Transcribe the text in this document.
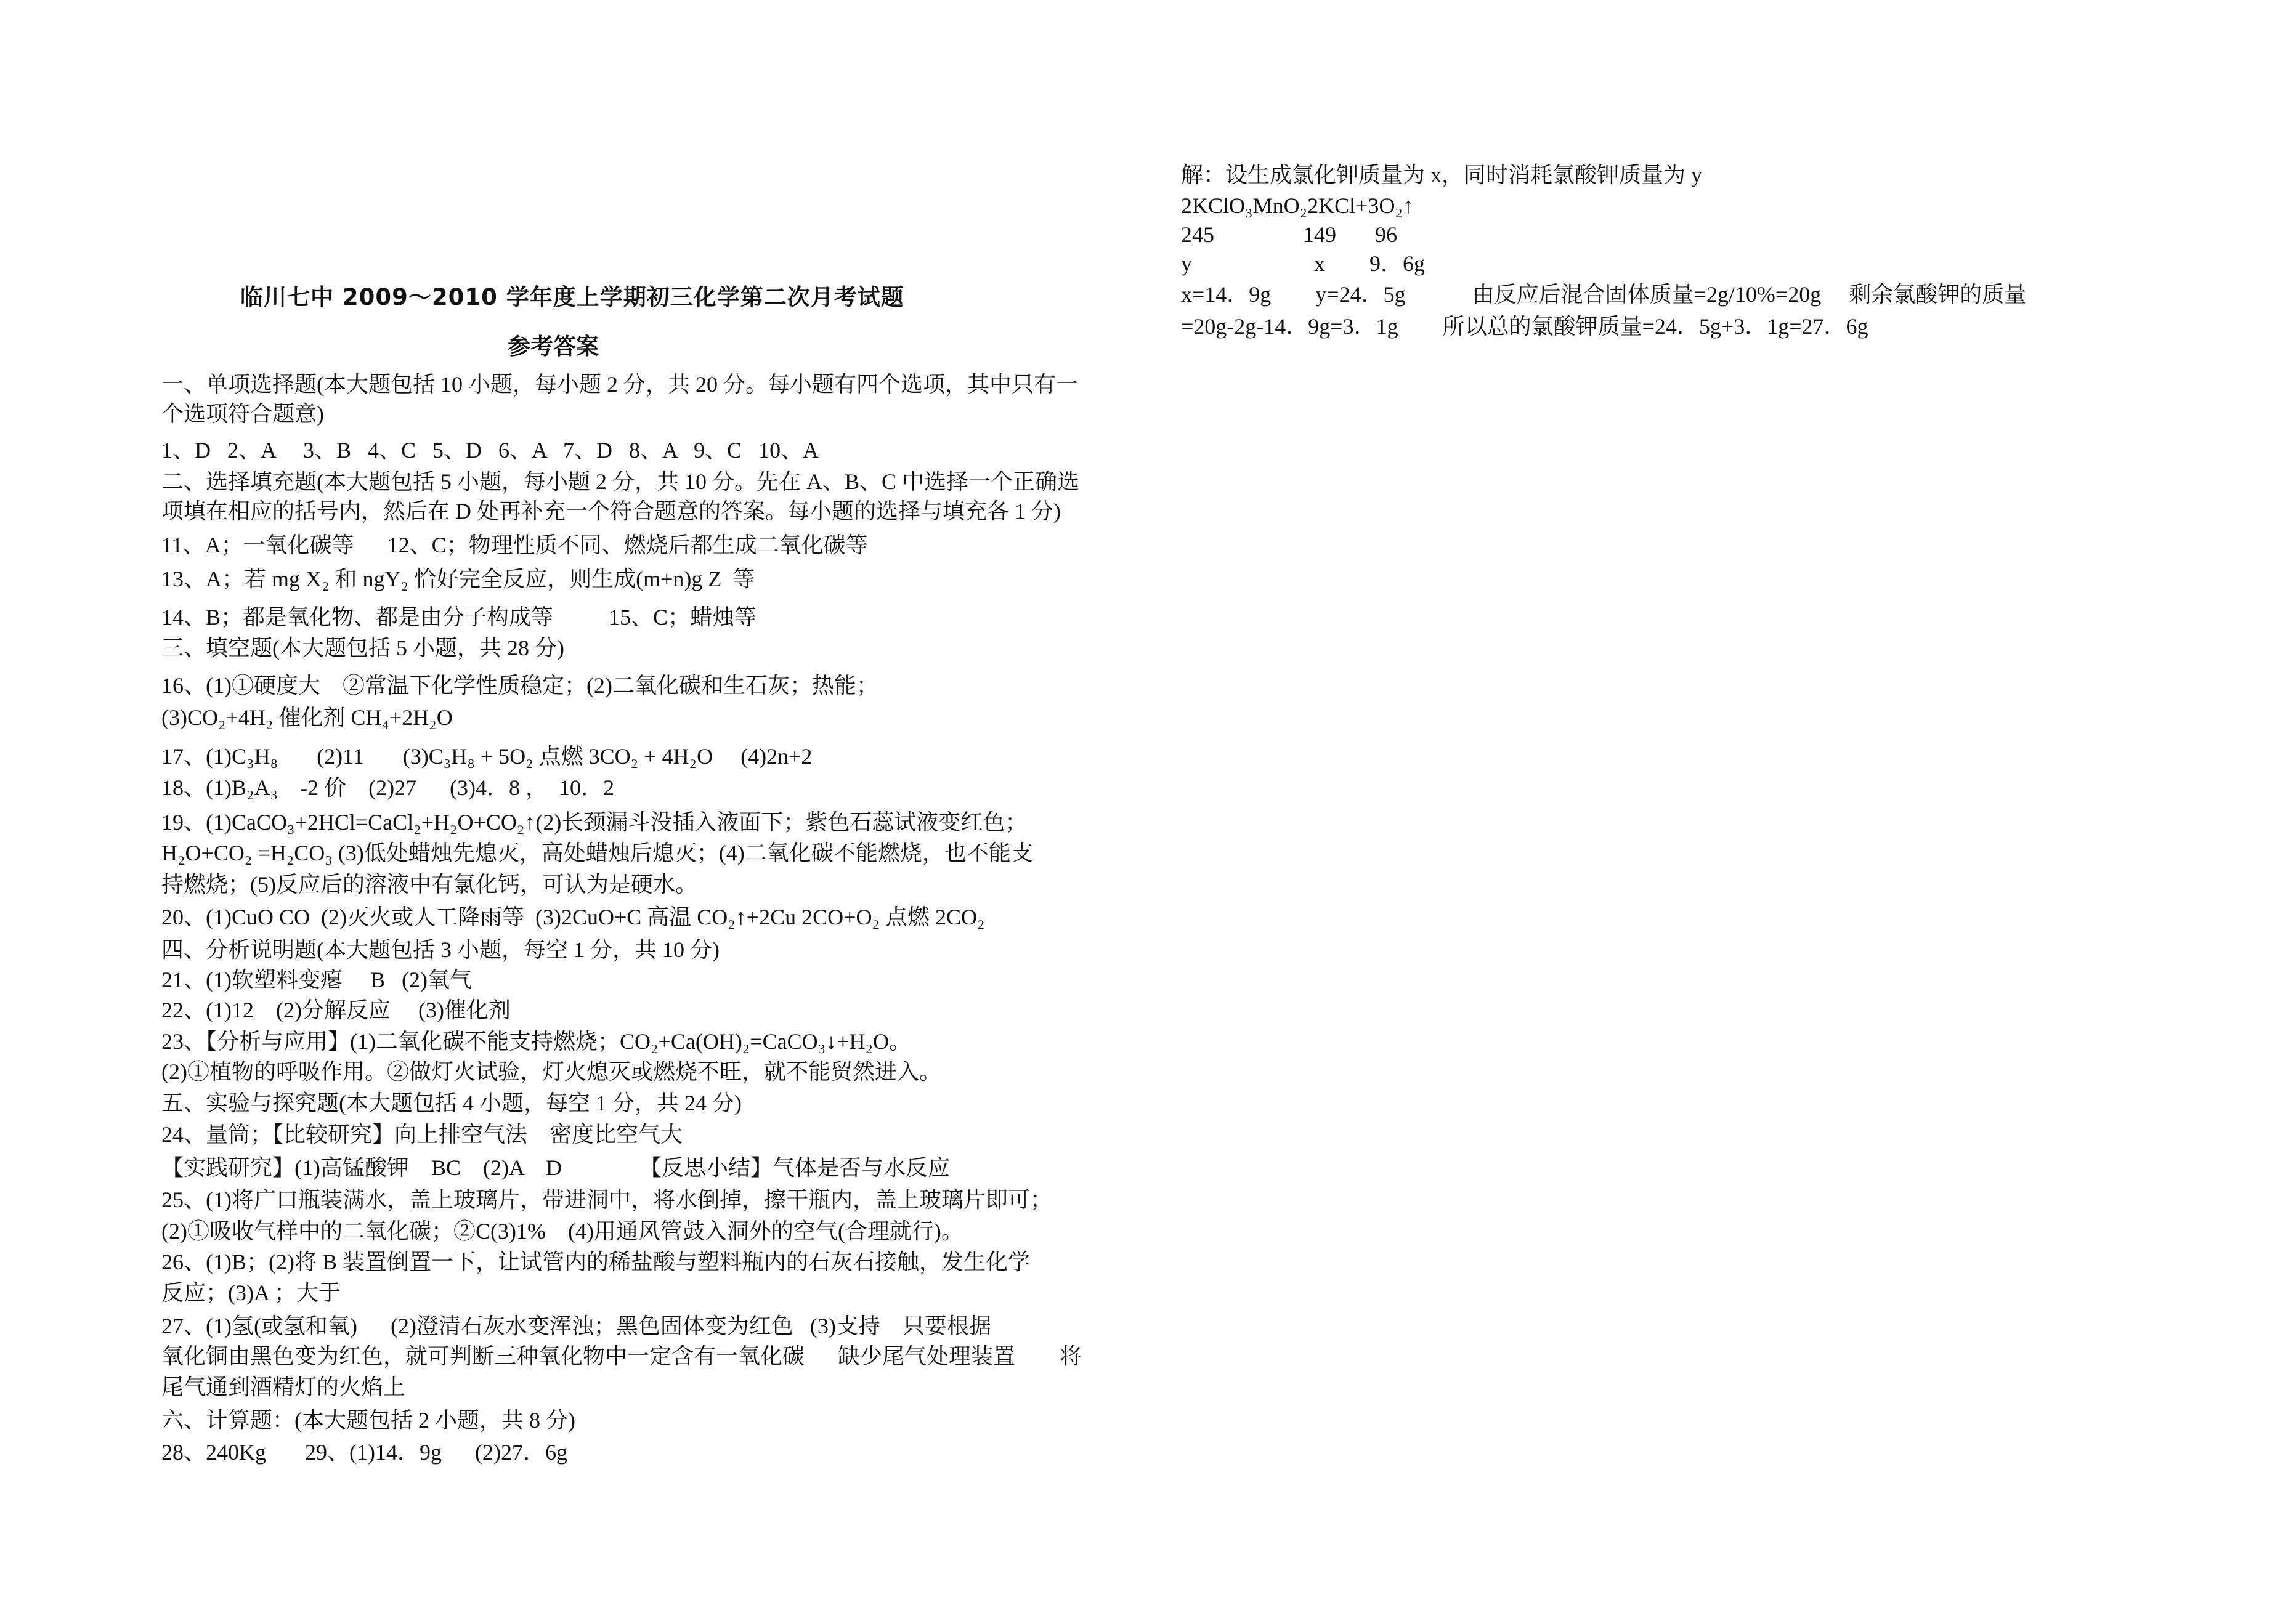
临川七中 2009～2010 学年度上学期初三化学第二次月考试题
参考答案
一、单项选择题(本大题包括 10 小题，每小题 2 分，共 20 分。每小题有四个选项，其中只有一
个选项符合题意)
1、D   2、A     3、B   4、C   5、D   6、A   7、D   8、A   9、C   10、A
二、选择填充题(本大题包括 5 小题，每小题 2 分，共 10 分。先在 A、B、C 中选择一个正确选
项填在相应的括号内，然后在 D 处再补充一个符合题意的答案。每小题的选择与填充各 1 分)
11、A；一氧化碳等      12、C；物理性质不同、燃烧后都生成二氧化碳等
13、A；若 mg X₂ 和 ngY₂ 恰好完全反应，则生成(m+n)g Z  等
14、B；都是氧化物、都是由分子构成等          15、C；蜡烛等
三、填空题(本大题包括 5 小题，共 28 分)
16、(1)①硬度大    ②常温下化学性质稳定；(2)二氧化碳和生石灰；热能；
(3)CO₂+4H₂ 催化剂 CH₄+2H₂O
17、(1)C₃H₈       (2)11       (3)C₃H₈ + 5O₂ 点燃 3CO₂ + 4H₂O     (4)2n+2
18、(1)B₂A₃    -2 价    (2)27      (3)4．8 ，  10．2
19、(1)CaCO₃+2HCl=CaCl₂+H₂O+CO₂↑(2)长颈漏斗没插入液面下；紫色石蕊试液变红色；
H₂O+CO₂ =H₂CO₃ (3)低处蜡烛先熄灭，高处蜡烛后熄灭；(4)二氧化碳不能燃烧，也不能支
持燃烧；(5)反应后的溶液中有氯化钙，可认为是硬水。
20、(1)CuO CO  (2)灭火或人工降雨等  (3)2CuO+C 高温 CO₂↑+2Cu 2CO+O₂ 点燃 2CO₂
四、分析说明题(本大题包括 3 小题，每空 1 分，共 10 分)
21、(1)软塑料变瘪     B   (2)氧气
22、(1)12    (2)分解反应     (3)催化剂
23、【分析与应用】(1)二氧化碳不能支持燃烧；CO₂+Ca(OH)₂=CaCO₃↓+H₂O。
(2)①植物的呼吸作用。②做灯火试验，灯火熄灭或燃烧不旺，就不能贸然进入。
五、实验与探究题(本大题包括 4 小题，每空 1 分，共 24 分)
24、量筒；【比较研究】向上排空气法    密度比空气大
【实践研究】(1)高锰酸钾    BC    (2)A    D              【反思小结】气体是否与水反应
25、(1)将广口瓶装满水，盖上玻璃片，带进洞中，将水倒掉，擦干瓶内，盖上玻璃片即可；
(2)①吸收气样中的二氧化碳；②C(3)1%    (4)用通风管鼓入洞外的空气(合理就行)。
26、(1)B；(2)将 B 装置倒置一下，让试管内的稀盐酸与塑料瓶内的石灰石接触，发生化学
反应；(3)A ；大于
27、(1)氢(或氢和氧)      (2)澄清石灰水变浑浊；黑色固体变为红色   (3)支持    只要根据
氧化铜由黑色变为红色，就可判断三种氧化物中一定含有一氧化碳      缺少尾气处理装置        将
尾气通到酒精灯的火焰上
六、计算题：(本大题包括 2 小题，共 8 分)
28、240Kg       29、(1)14．9g      (2)27．6g
解：设生成氯化钾质量为 x，同时消耗氯酸钾质量为 y
2KClO₃MnO₂2KCl+3O₂↑
245                149       96
y                      x        9．6g
x=14．9g        y=24．5g            由反应后混合固体质量=2g/10%=20g     剩余氯酸钾的质量
=20g-2g-14．9g=3．1g        所以总的氯酸钾质量=24．5g+3．1g=27．6g
